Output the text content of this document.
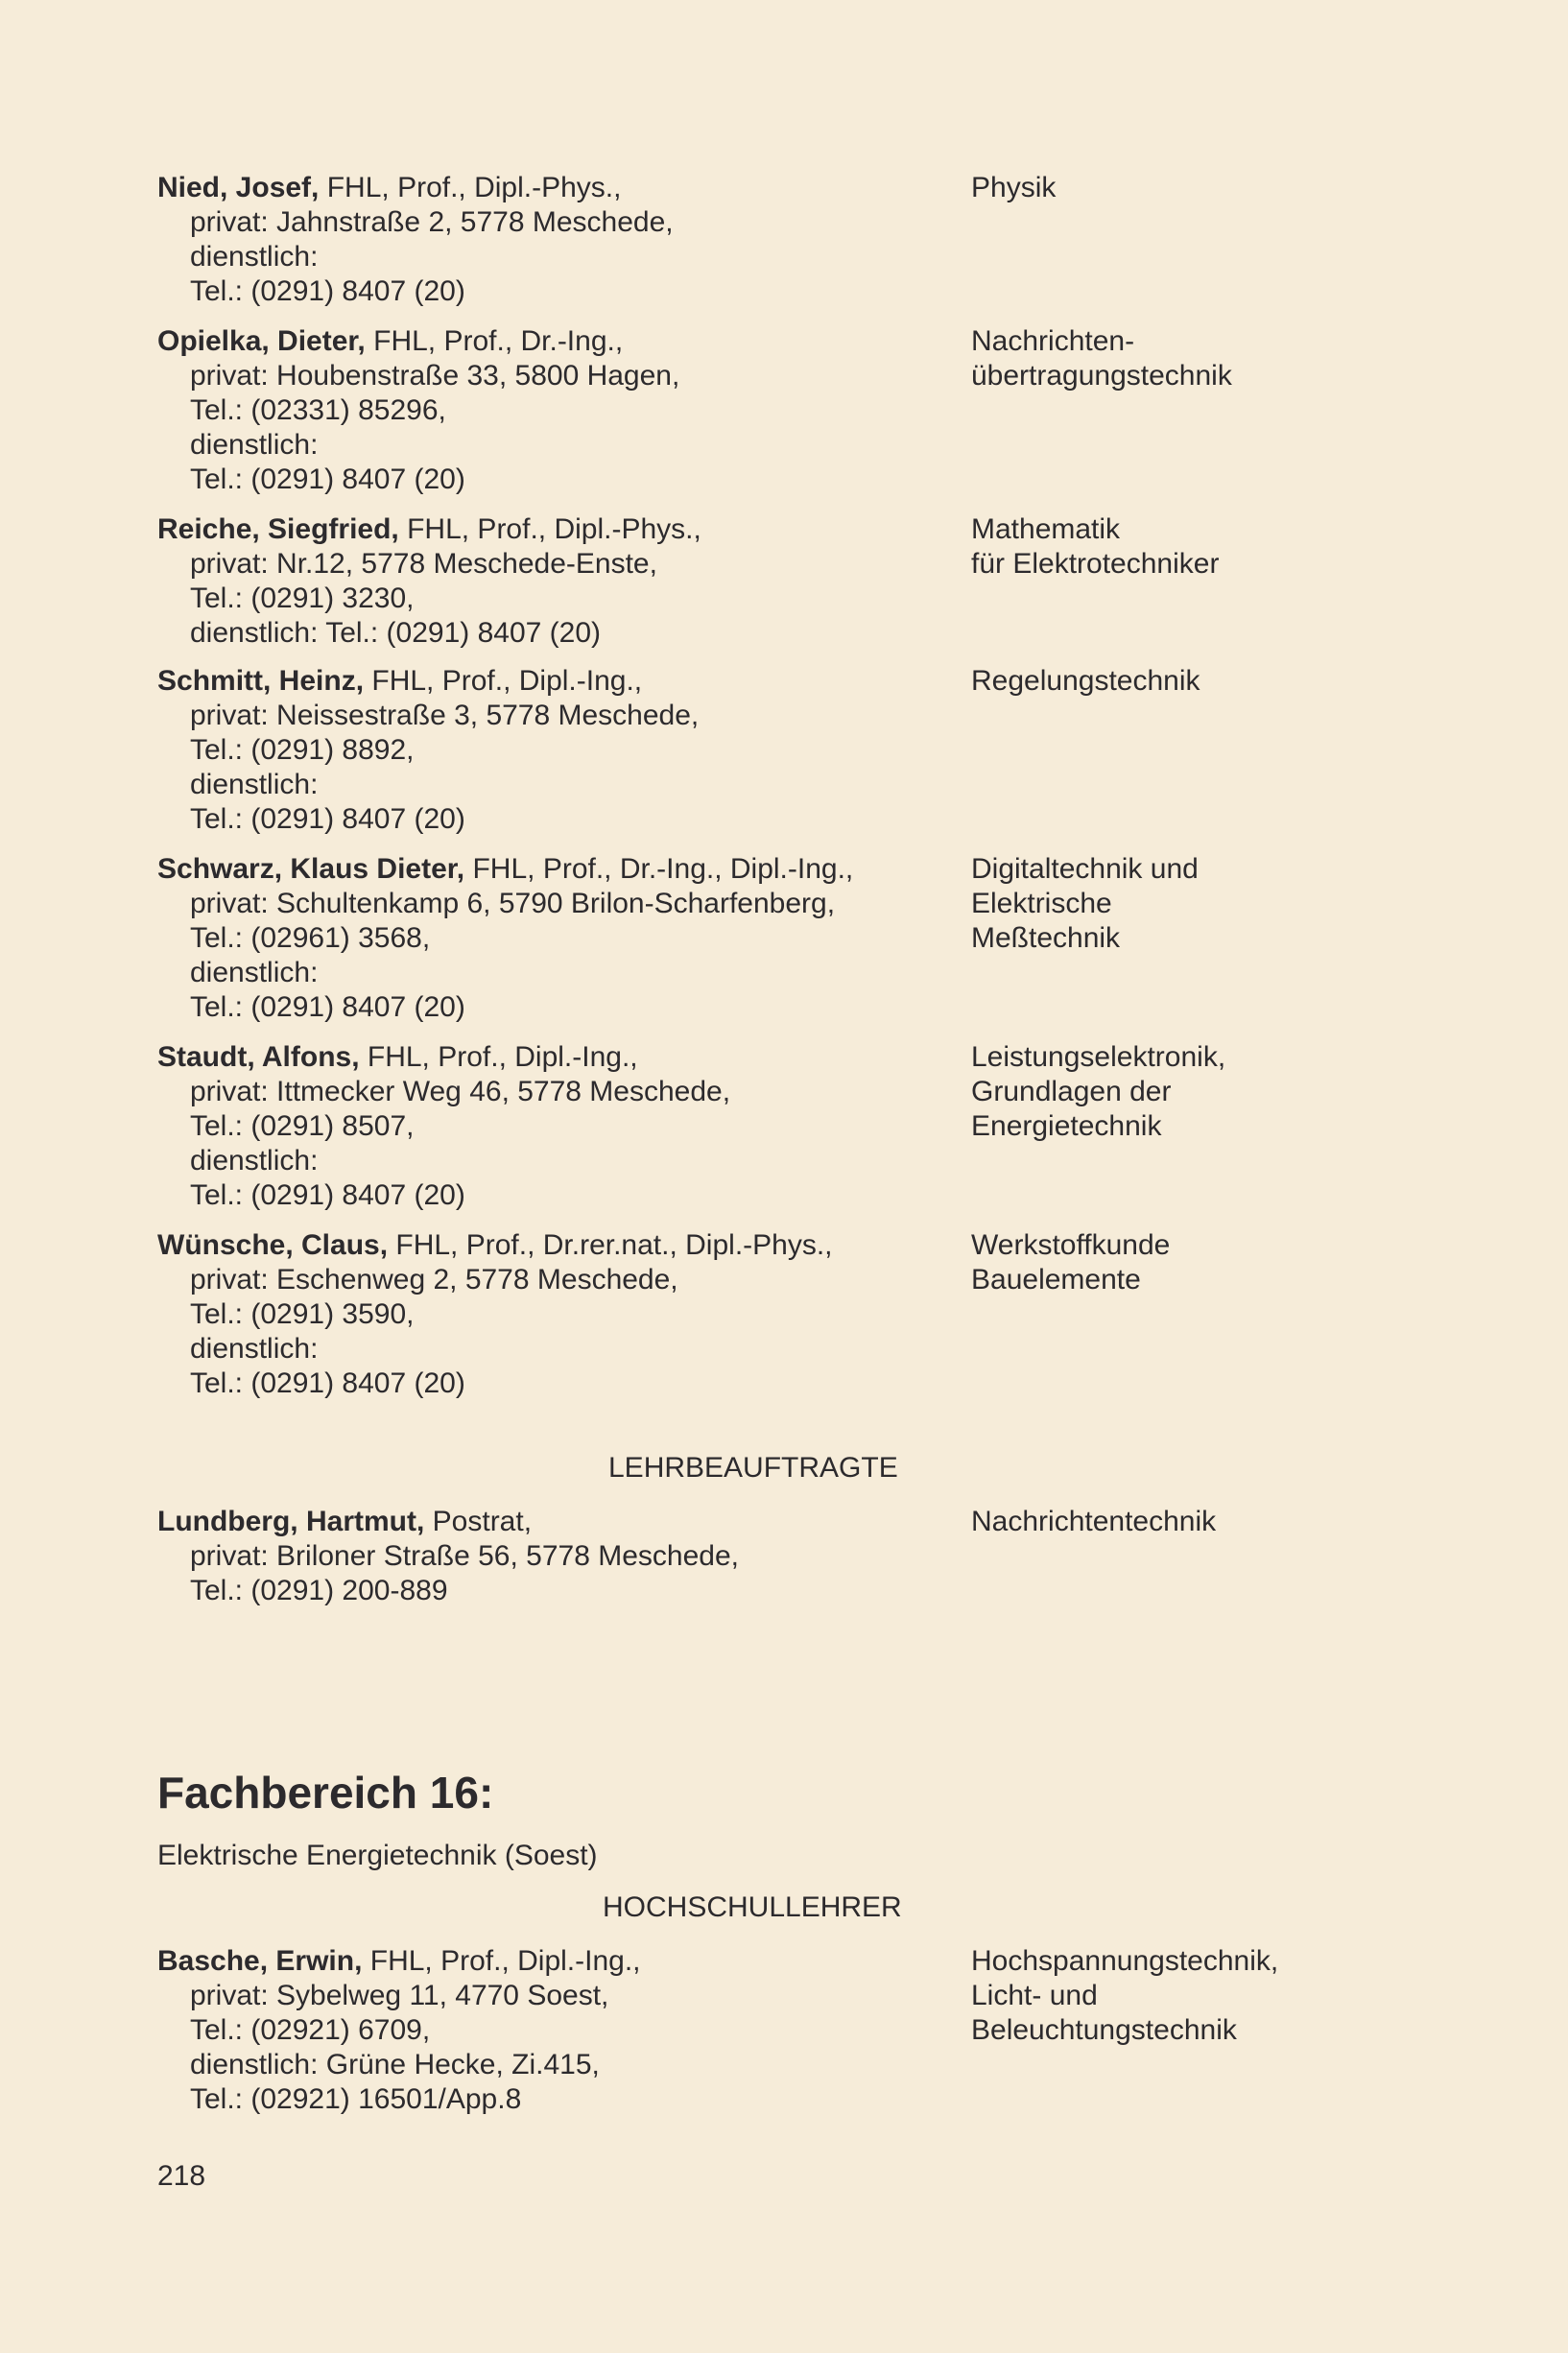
Nied, Josef, FHL, Prof., Dipl.-Phys.,
privat: Jahnstraße 2, 5778 Meschede,
dienstlich:
Tel.: (0291) 8407 (20)
Physik
Opielka, Dieter, FHL, Prof., Dr.-Ing.,
privat: Houbenstraße 33, 5800 Hagen,
Tel.: (02331) 85296,
dienstlich:
Tel.: (0291) 8407 (20)
Nachrichten-
übertragungstechnik
Reiche, Siegfried, FHL, Prof., Dipl.-Phys.,
privat: Nr.12, 5778 Meschede-Enste,
Tel.: (0291) 3230,
dienstlich: Tel.: (0291) 8407 (20)
Mathematik
für Elektrotechniker
Schmitt, Heinz, FHL, Prof., Dipl.-Ing.,
privat: Neissestraße 3, 5778 Meschede,
Tel.: (0291) 8892,
dienstlich:
Tel.: (0291) 8407 (20)
Regelungstechnik
Schwarz, Klaus Dieter, FHL, Prof., Dr.-Ing., Dipl.-Ing.,
privat: Schultenkamp 6, 5790 Brilon-Scharfenberg,
Tel.: (02961) 3568,
dienstlich:
Tel.: (0291) 8407 (20)
Digitaltechnik und
Elektrische
Meßtechnik
Staudt, Alfons, FHL, Prof., Dipl.-Ing.,
privat: Ittmecker Weg 46, 5778 Meschede,
Tel.: (0291) 8507,
dienstlich:
Tel.: (0291) 8407 (20)
Leistungselektronik,
Grundlagen der
Energietechnik
Wünsche, Claus, FHL, Prof., Dr.rer.nat., Dipl.-Phys.,
privat: Eschenweg 2, 5778 Meschede,
Tel.: (0291) 3590,
dienstlich:
Tel.: (0291) 8407 (20)
Werkstoffkunde
Bauelemente
LEHRBEAUFTRAGTE
Lundberg, Hartmut, Postrat,
privat: Briloner Straße 56, 5778 Meschede,
Tel.: (0291) 200-889
Nachrichtentechnik
Fachbereich 16:
Elektrische Energietechnik (Soest)
HOCHSCHULLEHRER
Basche, Erwin, FHL, Prof., Dipl.-Ing.,
privat: Sybelweg 11, 4770 Soest,
Tel.: (02921) 6709,
dienstlich: Grüne Hecke, Zi.415,
Tel.: (02921) 16501/App.8
Hochspannungstechnik,
Licht- und
Beleuchtungstechnik
218
